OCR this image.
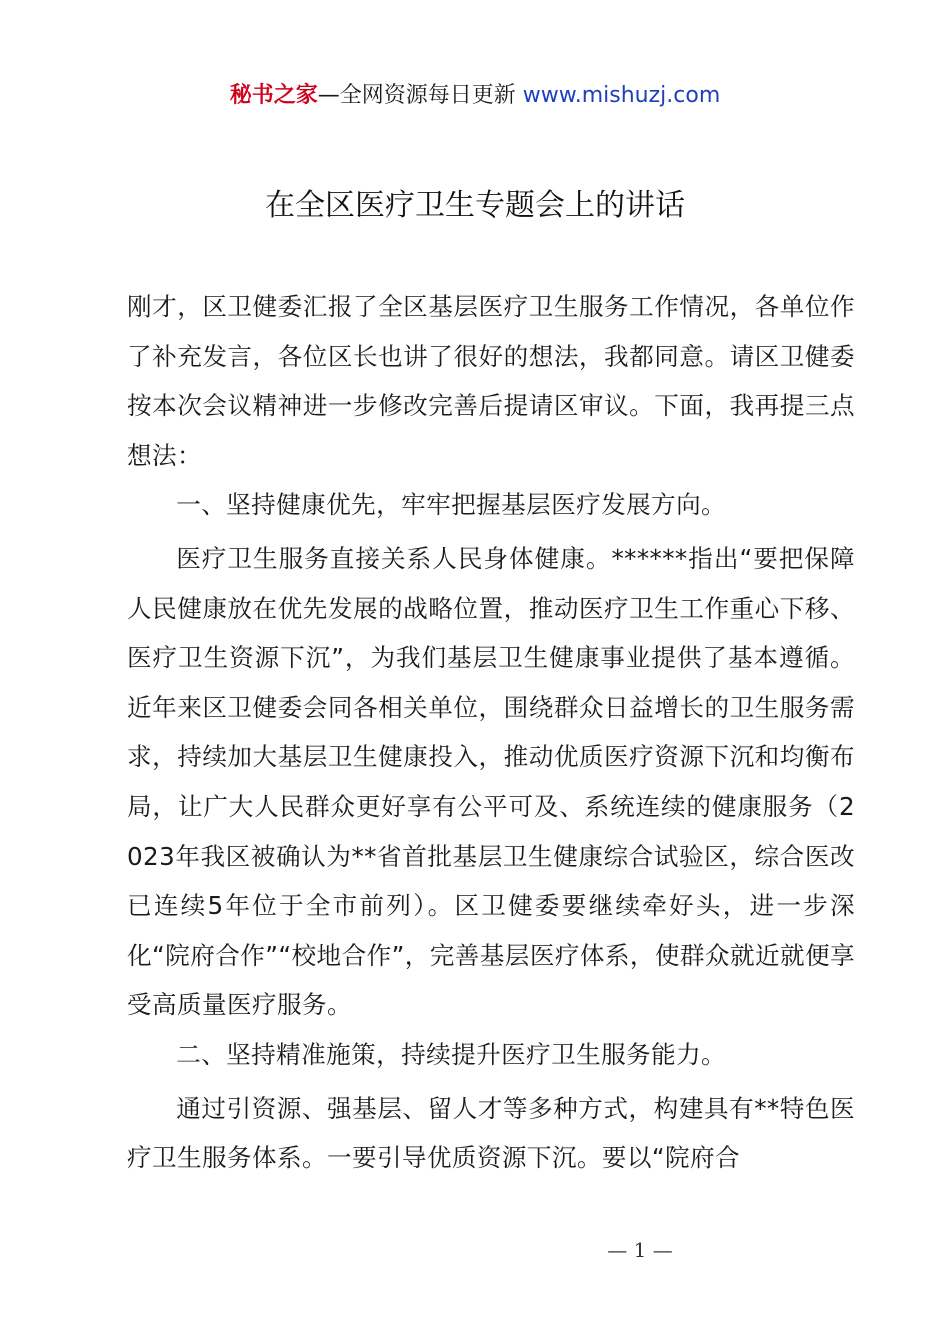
秘书之家—全网资源每日更新 www.mishuzj.com
在全区医疗卫生专题会上的讲话

刚才，区卫健委汇报了全区基层医疗卫生服务工作情况，各单位作了补充发言，各位区长也讲了很好的想法，我都同意。请区卫健委按本次会议精神进一步修改完善后提请区审议。下面，我再提三点想法：

一、坚持健康优先，牢牢把握基层医疗发展方向。

医疗卫生服务直接关系人民身体健康。******指出“要把保障人民健康放在优先发展的战略位置，推动医疗卫生工作重心下移、医疗卫生资源下沉”，为我们基层卫生健康事业提供了基本遵循。近年来区卫健委会同各相关单位，围绕群众日益增长的卫生服务需求，持续加大基层卫生健康投入，推动优质医疗资源下沉和均衡布局，让广大人民群众更好享有公平可及、系统连续的健康服务（2023年我区被确认为**省首批基层卫生健康综合试验区，综合医改已连续5年位于全市前列）。区卫健委要继续牵好头，进一步深化“院府合作”“校地合作”，完善基层医疗体系，使群众就近就便享受高质量医疗服务。

二、坚持精准施策，持续提升医疗卫生服务能力。

通过引资源、强基层、留人才等多种方式，构建具有**特色医疗卫生服务体系。一要引导优质资源下沉。要以“院府合

— 1 —
